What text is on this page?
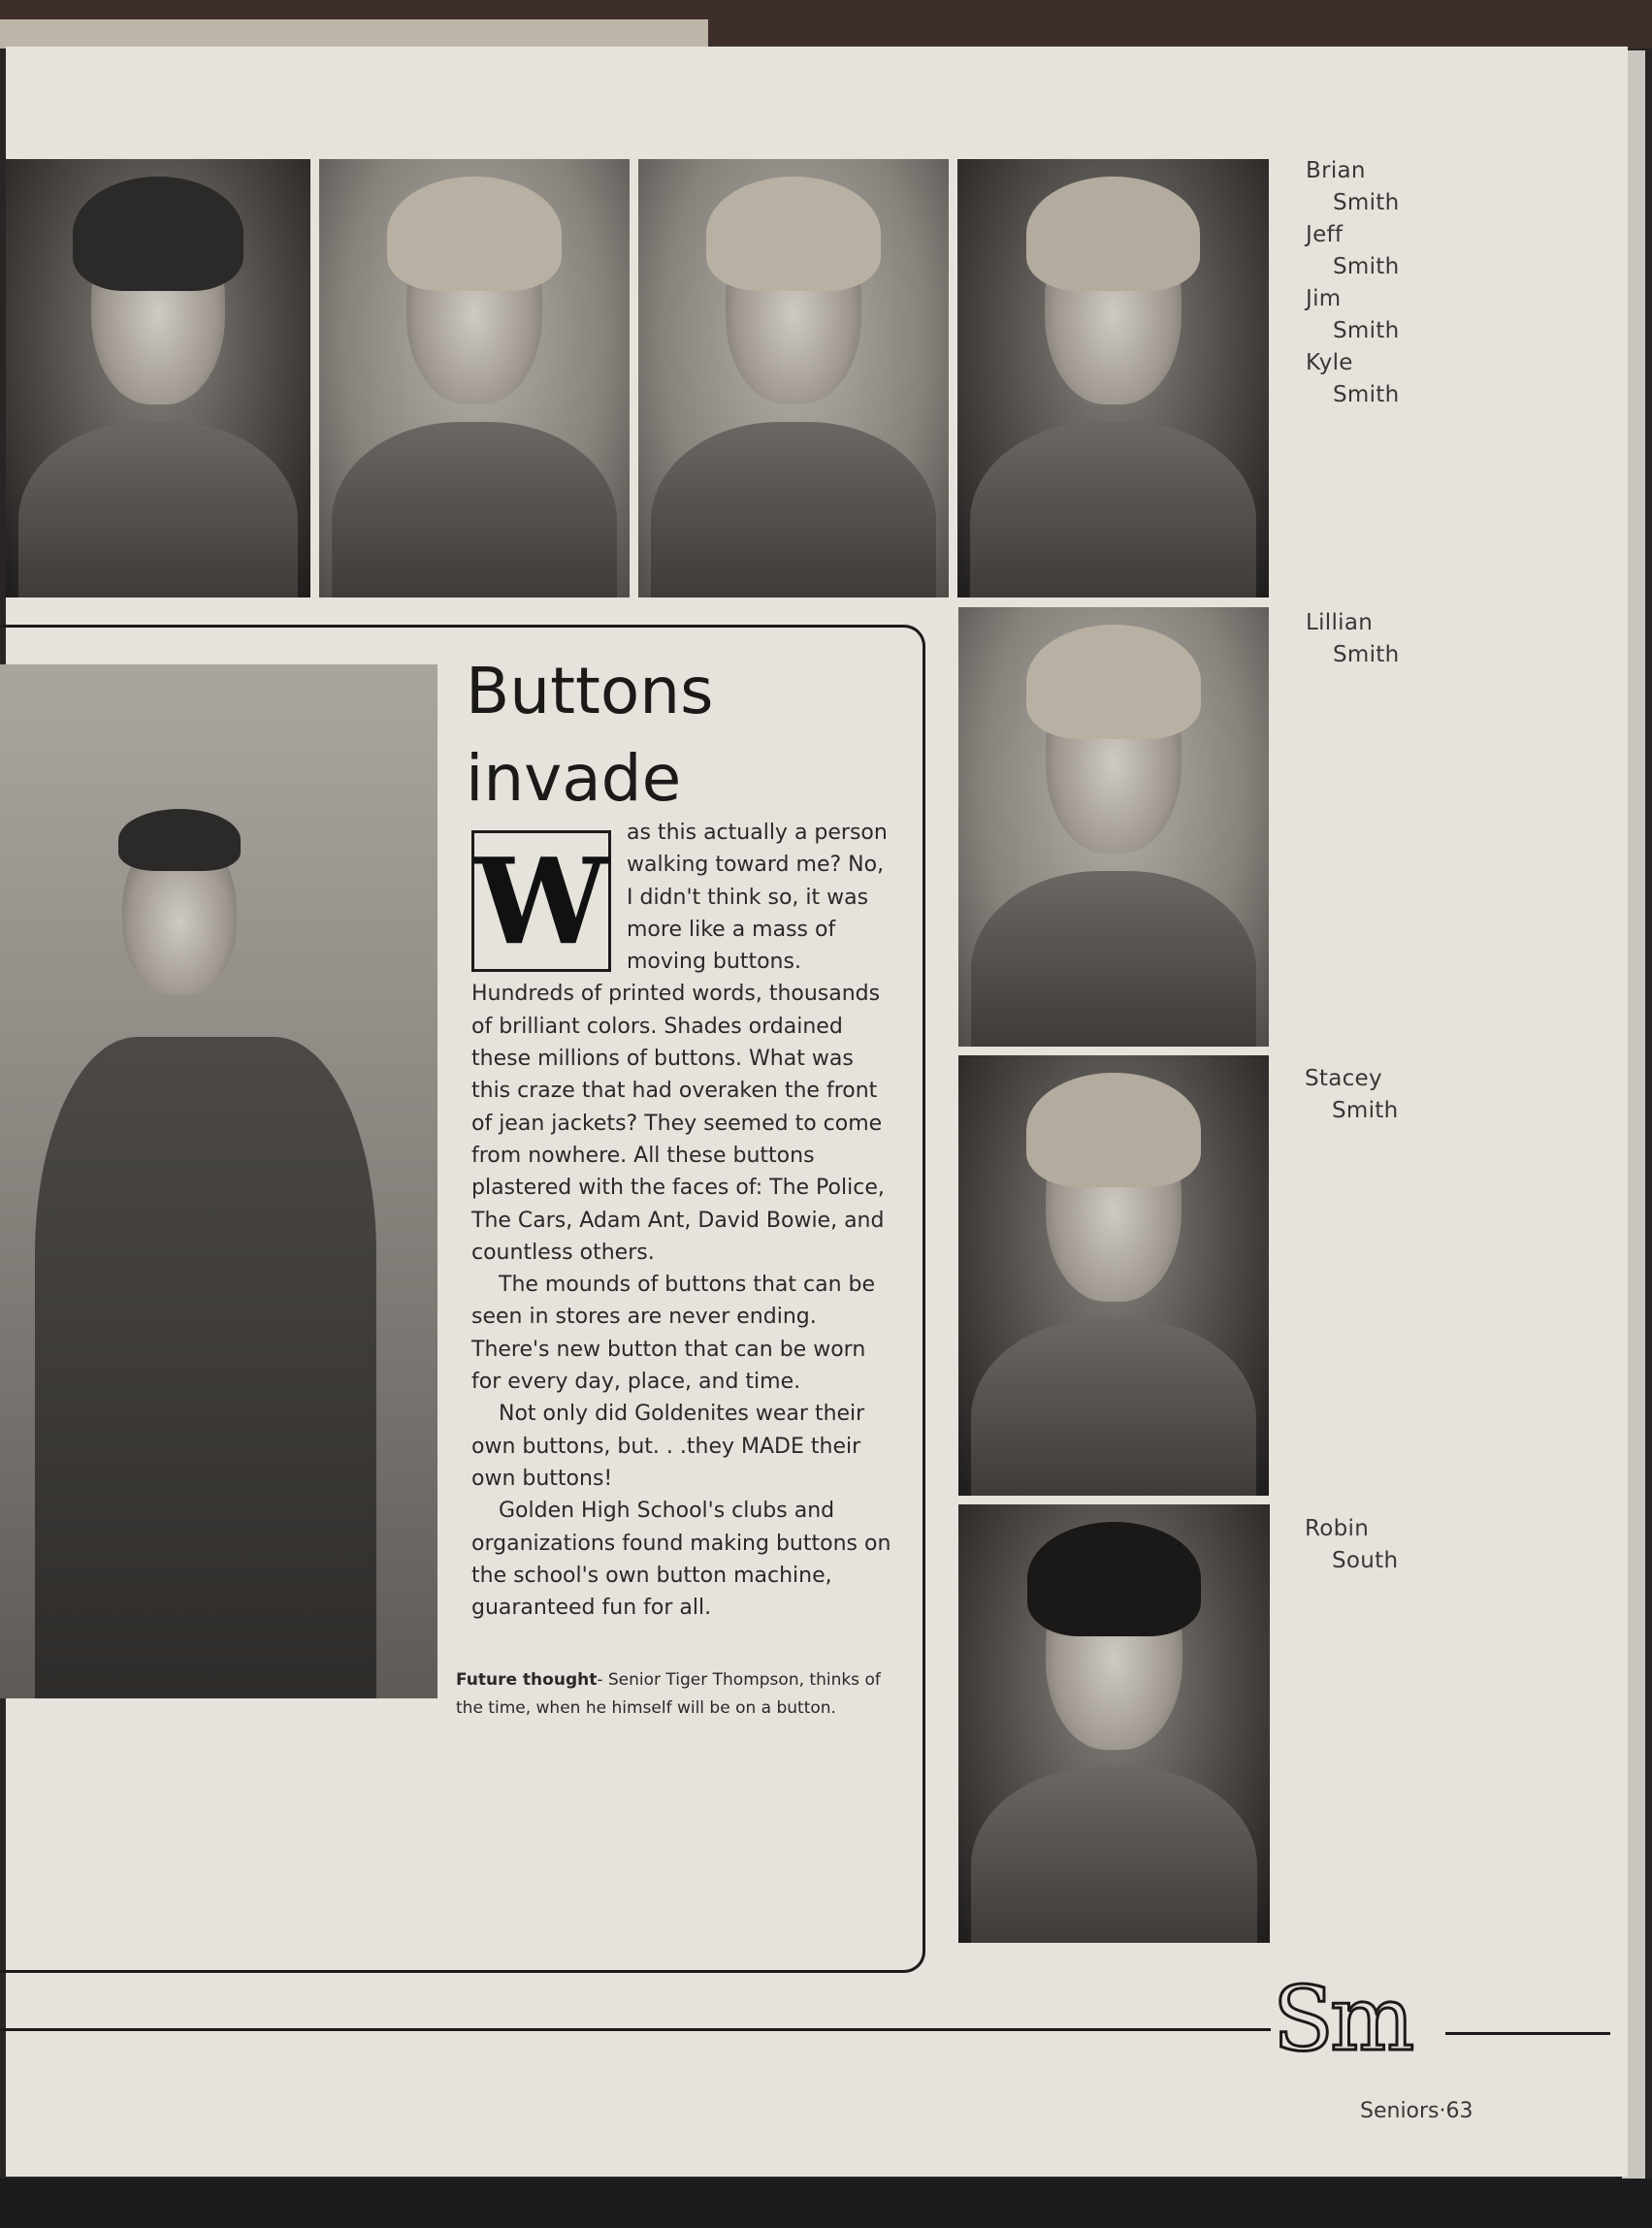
Brian
Smith
Jeff
Smith
Jim
Smith
Kyle
Smith
Lillian
Smith
Stacey
Smith
Robin
South
Buttons
invade
W as this actually a person walking toward me? No, I didn't think so, it was more like a mass of moving buttons. Hundreds of printed words, thousands of brilliant colors. Shades ordained these millions of buttons. What was this craze that had overaken the front of jean jackets? They seemed to come from nowhere. All these buttons plastered with the faces of: The Police, The Cars, Adam Ant, David Bowie, and countless others.

The mounds of buttons that can be seen in stores are never ending. There's new button that can be worn for every day, place, and time.

Not only did Goldenites wear their own buttons, but. . .they MADE their own buttons!

Golden High School's clubs and organizations found making buttons on the school's own button machine, guaranteed fun for all.

Future thought- Senior Tiger Thompson, thinks of the time, when he himself will be on a button.

Sm
Seniors·63
